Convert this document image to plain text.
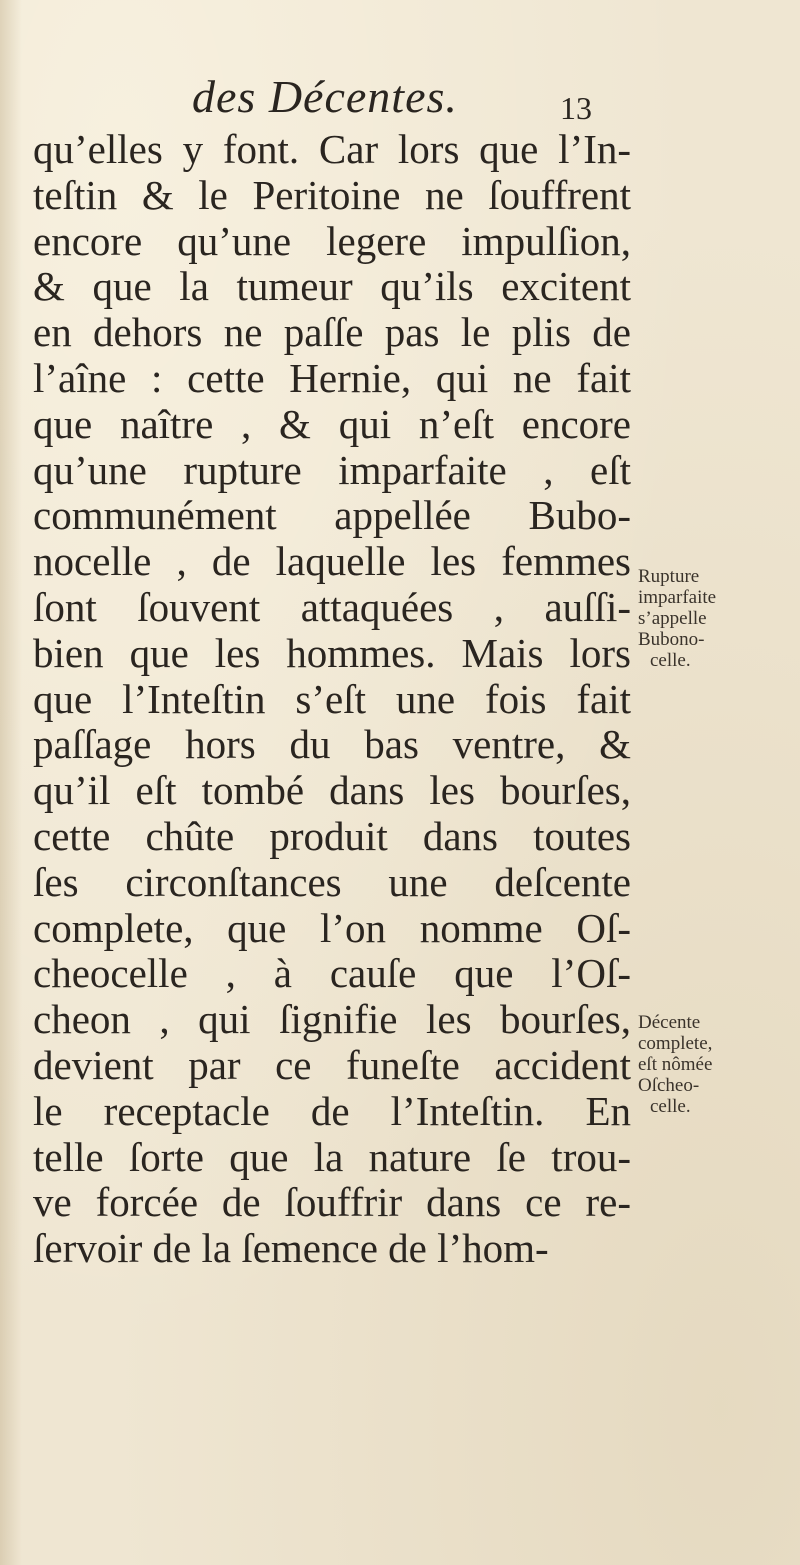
des Décentes.	13
qu’elles y font. Car lors que l’In-
teſtin & le Peritoine ne ſouffrent
encore qu’une legere impulſion,
& que la tumeur qu’ils excitent
en dehors ne paſſe pas le plis de
l’aîne : cette Hernie, qui ne fait
que naître , & qui n’eſt encore
qu’une rupture imparfaite , eſt
communément appellée Bubo-
nocelle , de laquelle les femmes
ſont ſouvent attaquées , auſſi-
bien que les hommes. Mais lors
que l’Inteſtin s’eſt une fois fait
paſſage hors du bas ventre, &
qu’il eſt tombé dans les bourſes,
cette chûte produit dans toutes
ſes circonſtances une deſcente
complete, que l’on nomme Oſ-
cheocelle , à cauſe que l’Oſ-
cheon , qui ſignifie les bourſes,
devient par ce funeſte accident
le receptacle de l’Inteſtin. En
telle ſorte que la nature ſe trou-
ve forcée de ſouffrir dans ce re-
ſervoir de la ſemence de l’hom-
Rupture
imparfaite
s’appelle
Bubono-
celle.
Décente
complete,
eſt nômée
Oſcheo-
celle.
